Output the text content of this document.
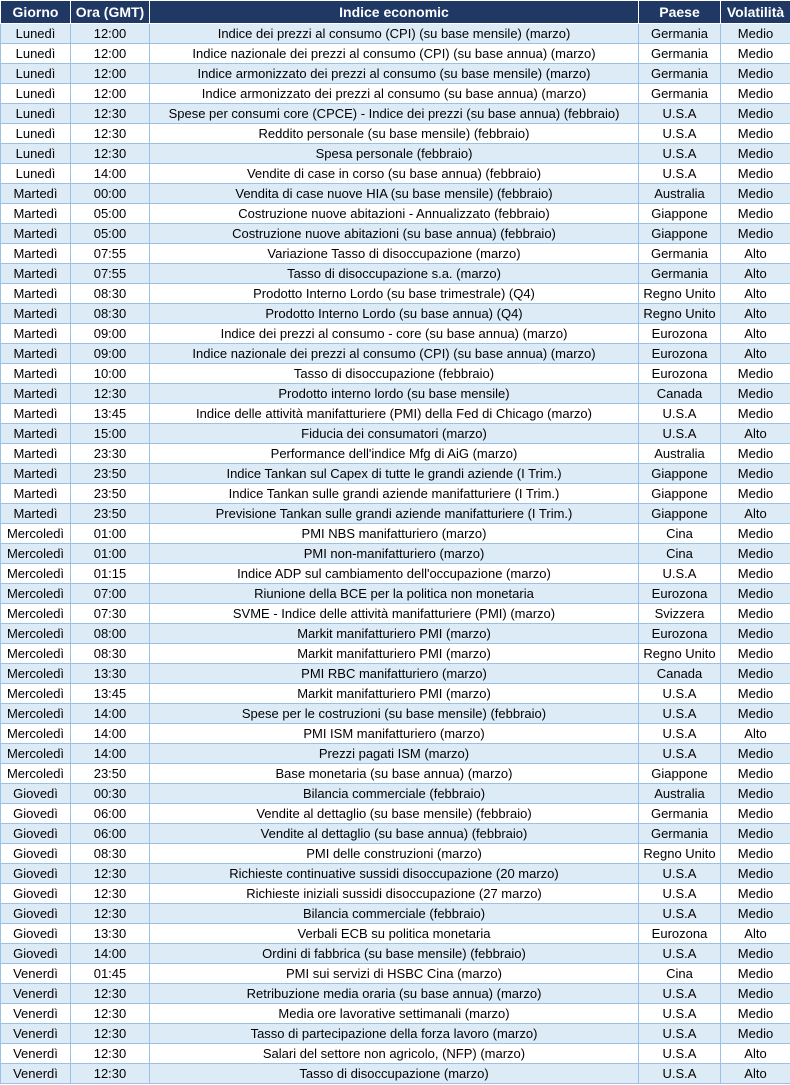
Giorno	Ora (GMT)	Indice economic	Paese	Volatilità
Lunedì	12:00	Indice dei prezzi al consumo (CPI) (su base mensile) (marzo)	Germania	Medio
Lunedì	12:00	Indice nazionale dei prezzi al consumo (CPI) (su base annua) (marzo)	Germania	Medio
Lunedì	12:00	Indice armonizzato dei prezzi al consumo (su base mensile) (marzo)	Germania	Medio
Lunedì	12:00	Indice armonizzato dei prezzi al consumo (su base annua) (marzo)	Germania	Medio
Lunedì	12:30	Spese per consumi core (CPCE) - Indice dei prezzi (su base annua) (febbraio)	U.S.A	Medio
Lunedì	12:30	Reddito personale (su base mensile) (febbraio)	U.S.A	Medio
Lunedì	12:30	Spesa personale (febbraio)	U.S.A	Medio
Lunedì	14:00	Vendite di case in corso (su base annua) (febbraio)	U.S.A	Medio
Martedì	00:00	Vendita di case nuove HIA (su base mensile) (febbraio)	Australia	Medio
Martedì	05:00	Costruzione nuove abitazioni - Annualizzato (febbraio)	Giappone	Medio
Martedì	05:00	Costruzione nuove abitazioni (su base annua) (febbraio)	Giappone	Medio
Martedì	07:55	Variazione Tasso di disoccupazione (marzo)	Germania	Alto
Martedì	07:55	Tasso di disoccupazione s.a. (marzo)	Germania	Alto
Martedì	08:30	Prodotto Interno Lordo (su base trimestrale) (Q4)	Regno Unito	Alto
Martedì	08:30	Prodotto Interno Lordo (su base annua) (Q4)	Regno Unito	Alto
Martedì	09:00	Indice dei prezzi al consumo - core (su base annua) (marzo)	Eurozona	Alto
Martedì	09:00	Indice nazionale dei prezzi al consumo (CPI) (su base annua) (marzo)	Eurozona	Alto
Martedì	10:00	Tasso di disoccupazione (febbraio)	Eurozona	Medio
Martedì	12:30	Prodotto interno lordo (su base mensile)	Canada	Medio
Martedì	13:45	Indice delle attività manifatturiere (PMI) della Fed di Chicago (marzo)	U.S.A	Medio
Martedì	15:00	Fiducia dei consumatori (marzo)	U.S.A	Alto
Martedì	23:30	Performance dell'indice Mfg di AiG (marzo)	Australia	Medio
Martedì	23:50	Indice Tankan sul Capex di tutte le grandi aziende (I Trim.)	Giappone	Medio
Martedì	23:50	Indice Tankan sulle grandi aziende manifatturiere (I Trim.)	Giappone	Medio
Martedì	23:50	Previsione Tankan sulle grandi aziende manifatturiere (I Trim.)	Giappone	Alto
Mercoledì	01:00	PMI NBS manifatturiero (marzo)	Cina	Medio
Mercoledì	01:00	PMI non-manifatturiero (marzo)	Cina	Medio
Mercoledì	01:15	Indice ADP sul cambiamento dell'occupazione (marzo)	U.S.A	Medio
Mercoledì	07:00	Riunione della BCE per la politica non monetaria	Eurozona	Medio
Mercoledì	07:30	SVME - Indice delle attività manifatturiere (PMI) (marzo)	Svizzera	Medio
Mercoledì	08:00	Markit manifatturiero PMI (marzo)	Eurozona	Medio
Mercoledì	08:30	Markit manifatturiero PMI (marzo)	Regno Unito	Medio
Mercoledì	13:30	PMI RBC manifatturiero (marzo)	Canada	Medio
Mercoledì	13:45	Markit manifatturiero PMI (marzo)	U.S.A	Medio
Mercoledì	14:00	Spese per le costruzioni (su base mensile) (febbraio)	U.S.A	Medio
Mercoledì	14:00	PMI ISM manifatturiero (marzo)	U.S.A	Alto
Mercoledì	14:00	Prezzi pagati ISM (marzo)	U.S.A	Medio
Mercoledì	23:50	Base monetaria (su base annua) (marzo)	Giappone	Medio
Giovedì	00:30	Bilancia commerciale (febbraio)	Australia	Medio
Giovedì	06:00	Vendite al dettaglio (su base mensile) (febbraio)	Germania	Medio
Giovedì	06:00	Vendite al dettaglio (su base annua) (febbraio)	Germania	Medio
Giovedì	08:30	PMI delle construzioni (marzo)	Regno Unito	Medio
Giovedì	12:30	Richieste continuative sussidi disoccupazione (20 marzo)	U.S.A	Medio
Giovedì	12:30	Richieste iniziali sussidi disoccupazione (27 marzo)	U.S.A	Medio
Giovedì	12:30	Bilancia commerciale (febbraio)	U.S.A	Medio
Giovedì	13:30	Verbali ECB su politica monetaria	Eurozona	Alto
Giovedì	14:00	Ordini di fabbrica (su base mensile) (febbraio)	U.S.A	Medio
Venerdì	01:45	PMI sui servizi di HSBC Cina (marzo)	Cina	Medio
Venerdì	12:30	Retribuzione media oraria (su base annua) (marzo)	U.S.A	Medio
Venerdì	12:30	Media ore lavorative settimanali (marzo)	U.S.A	Medio
Venerdì	12:30	Tasso di partecipazione della forza lavoro (marzo)	U.S.A	Medio
Venerdì	12:30	Salari del settore non agricolo, (NFP) (marzo)	U.S.A	Alto
Venerdì	12:30	Tasso di disoccupazione (marzo)	U.S.A	Alto
